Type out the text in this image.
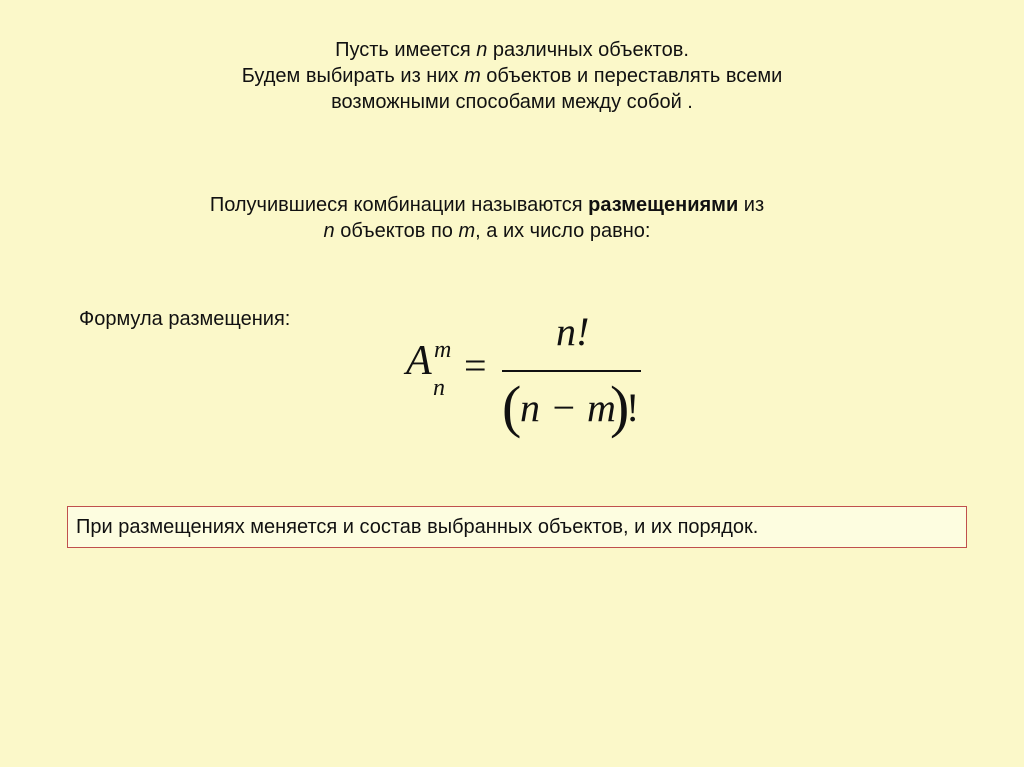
Пусть имеется n различных объектов.
Будем выбирать из них m объектов и переставлять всеми
возможными способами между собой .
Получившиеся комбинации называются размещениями из
n объектов по m, а их число равно:
Формула размещения:
A m
n =
n!
(
n − m
)
!
При размещениях меняется и состав выбранных объектов, и их порядок.
